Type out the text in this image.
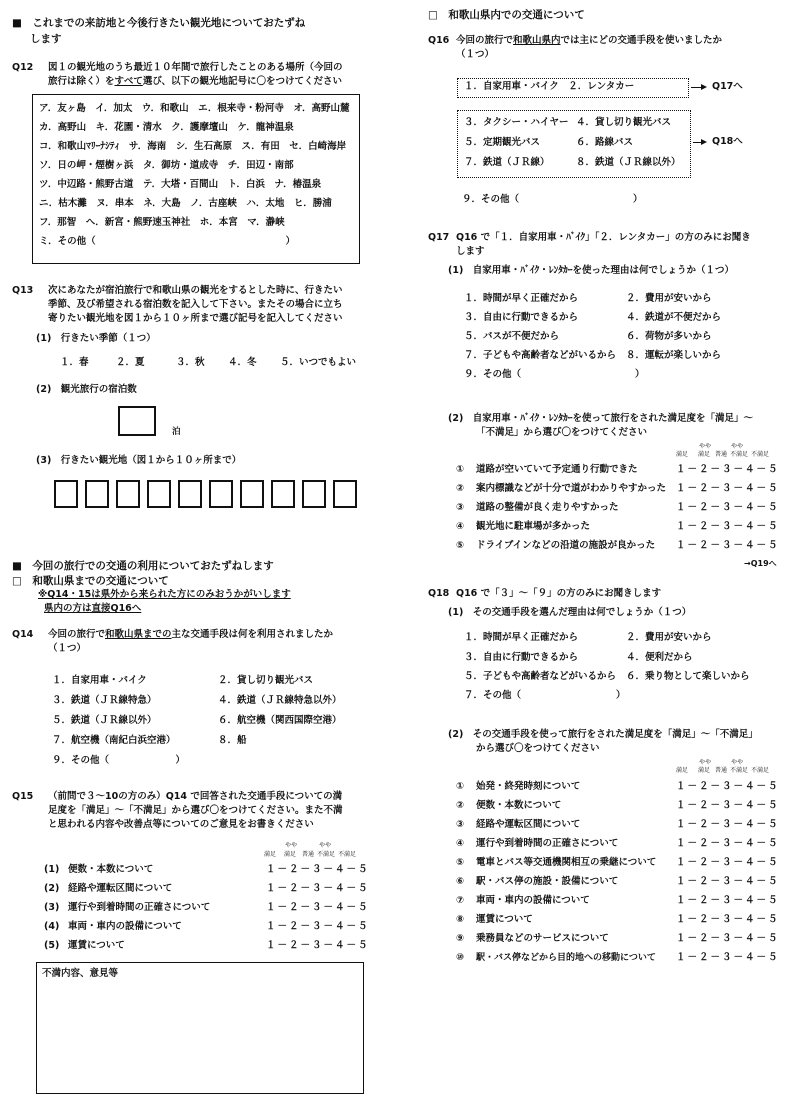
■　これまでの来訪地と今後行きたい観光地についておたずね
します
Q12 図１の観光地のうち最近１０年間で旅行したことのある場所（今回の
旅行は除く）をすべて選び、以下の観光地記号に〇をつけてください
ア．友ヶ島　イ．加太　ウ．和歌山　エ．根来寺・粉河寺　オ．高野山麓
カ．高野山　キ．花園・清水　ク．護摩壇山　ケ．龍神温泉
コ．和歌山ﾏﾘｰﾅｼﾃｨ　サ．海南　シ．生石高原　ス．有田　セ．白崎海岸
ソ．日の岬・煙樹ヶ浜　タ．御坊・道成寺　チ．田辺・南部
ツ．中辺路・熊野古道　テ．大塔・百間山　ト．白浜　ナ．椿温泉
ニ．枯木灘　ヌ．串本　ネ．大島　ノ．古座峡　ハ．太地　ヒ．勝浦
フ．那智　へ．新宮・熊野速玉神社　ホ．本宮　マ．瀞峡
ミ．その他（　　　　　　　　　　　　　　　　　　　　）
Q13 次にあなたが宿泊旅行で和歌山県の観光をするとした時に、行きたい
季節、及び希望される宿泊数を記入して下さい。またその場合に立ち
寄りたい観光地を図１から１０ヶ所まで選び記号を記入してください
(1)　行きたい季節（１つ）
１．春	２．夏	３．秋 ４．冬 ５．いつでもよい
(2)　観光旅行の宿泊数
泊
(3)　行きたい観光地（図１から１０ヶ所まで）
■　今回の旅行での交通の利用についておたずねします
□　和歌山県までの交通について
※Q14・15は県外から来られた方にのみおうかがいします
県内の方は直接Q16へ
Q14 今回の旅行で和歌山県までの主な交通手段は何を利用されましたか
（１つ）
１．自家用車・バイク	２．貸し切り観光バス
３．鉄道（ＪＲ線特急）	４．鉄道（ＪＲ線特急以外）
５．鉄道（ＪＲ線以外）	６．航空機（関西国際空港）
７．航空機（南紀白浜空港）	８．船
９．その他（　　　　　　　）
Q15 （前問で３～10の方のみ）Q14 で回答された交通手段についての満
足度を「満足」～「不満足」から選び〇をつけてください。また不満
と思われる内容や改善点等についてのご意見をお書きください
やや	やや
満足	満足 普通 不満足 不満足
(1) 便数・本数について	１－２－３－４－５
(2) 経路や運転区間について	１－２－３－４－５
(3) 運行や到着時間の正確さについて	１－２－３－４－５
(4) 車両・車内の設備について	１－２－３－４－５
(5) 運賃について	１－２－３－４－５
不満内容、意見等
□　和歌山県内での交通について
Q16 今回の旅行で和歌山県内では主にどの交通手段を使いましたか
（１つ）
１．自家用車・バイク　２．レンタカー	Q17へ
３．タクシー・ハイヤー ４．貸し切り観光バス
５．定期観光バス	６．路線バス
７．鉄道（ＪＲ線）	８．鉄道（ＪＲ線以外）
Q18へ
９．その他（　　　　　　　　　　　　）
Q17 Q16 で「１．自家用車・ﾊﾞｲｸ」「２．レンタカー」の方のみにお聞き
します
(1)　自家用車・ﾊﾞｲｸ・ﾚﾝﾀｶｰを使った理由は何でしょうか（１つ）
１．時間が早く正確だから	２．費用が安いから
３．自由に行動できるから	４．鉄道が不便だから
５．バスが不便だから	６．荷物が多いから
７．子どもや高齢者などがいるから ８．運転が楽しいから
９．その他（　　　　　　　　　　　　）
(2)　自家用車・ﾊﾞｲｸ・ﾚﾝﾀｶｰを使って旅行をされた満足度を「満足」～
「不満足」から選び〇をつけてください
やや	やや
満足	満足 普通 不満足 不満足
① 道路が空いていて予定通り行動できた	１－２－３－４－５
② 案内標識などが十分で道がわかりやすかった １－２－３－４－５
③ 道路の整備が良く走りやすかった	１－２－３－４－５
④ 観光地に駐車場が多かった	１－２－３－４－５
⑤ ドライブインなどの沿道の施設が良かった １－２－３－４－５
→Q19へ
Q18 Q16 で「３」～「９」の方のみにお聞きします
(1)　その交通手段を選んだ理由は何でしょうか（１つ）
１．時間が早く正確だから	２．費用が安いから
３．自由に行動できるから	４．便利だから
５．子どもや高齢者などがいるから ６．乗り物として楽しいから
７．その他（　　　　　　　　　　）
(2)　その交通手段を使って旅行をされた満足度を「満足」～「不満足」
から選び〇をつけてください
やや	やや
満足	満足 普通 不満足 不満足
① 始発・終発時刻について	１－２－３－４－５
② 便数・本数について	１－２－３－４－５
③ 経路や運転区間について	１－２－３－４－５
④ 運行や到着時間の正確さについて	１－２－３－４－５
⑤ 電車とバス等交通機関相互の乗継について １－２－３－４－５
⑥ 駅・バス停の施設・設備について	１－２－３－４－５
⑦ 車両・車内の設備について	１－２－３－４－５
⑧ 運賃について	１－２－３－４－５
⑨ 乗務員などのサービスについて	１－２－３－４－５
⑩ 駅・バス停などから目的地への移動について １－２－３－４－５
